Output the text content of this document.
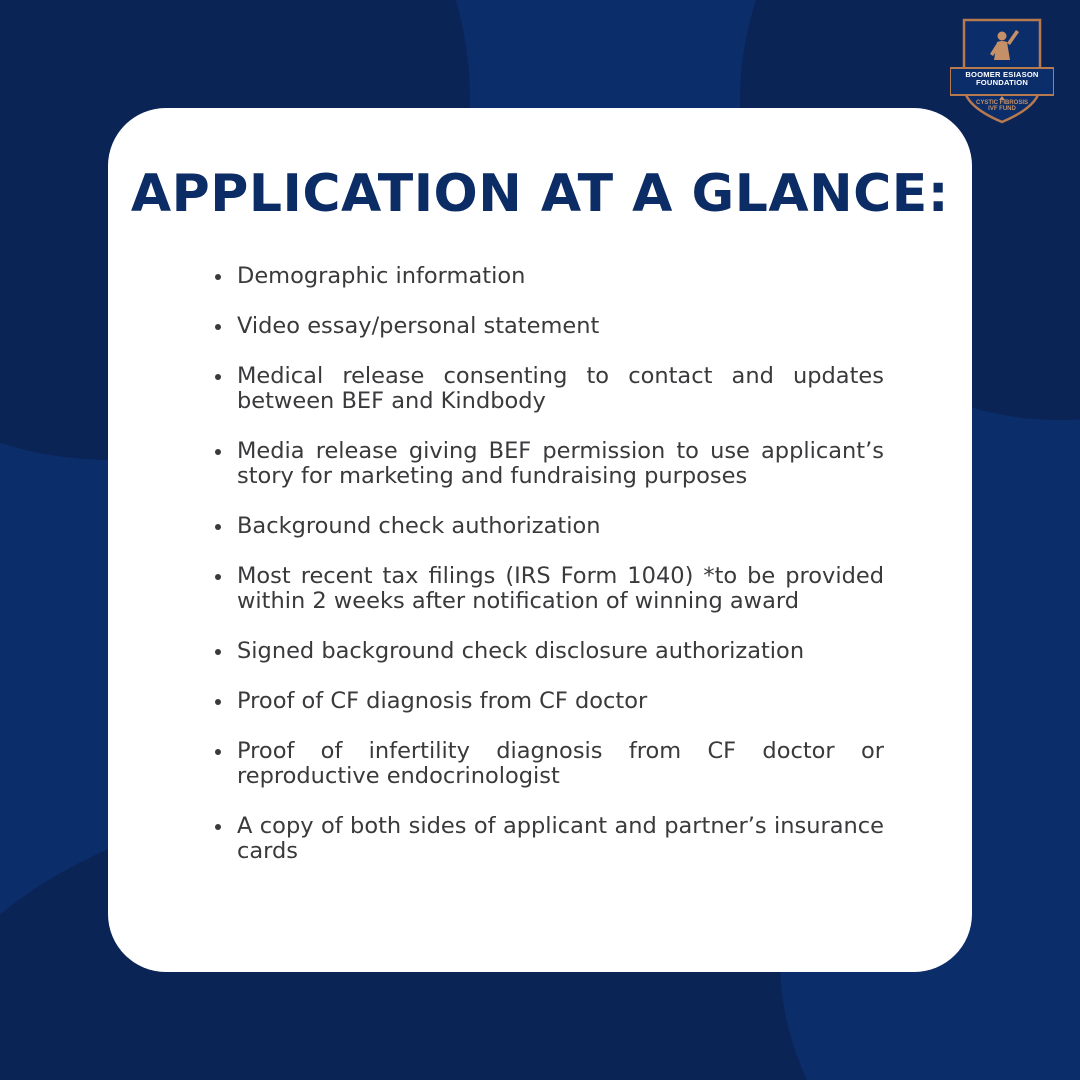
BOOMER ESIASON
FOUNDATION
CYSTIC FIBROSIS
IVF FUND
APPLICATION AT A GLANCE:
Demographic information
Video essay/personal statement
Medical release consenting to contact and updates between BEF and Kindbody
Media release giving BEF permission to use applicant’s story for marketing and fundraising purposes
Background check authorization
Most recent tax filings (IRS Form 1040) *to be provided within 2 weeks after notification of winning award
Signed background check disclosure authorization
Proof of CF diagnosis from CF doctor
Proof of infertility diagnosis from CF doctor or reproductive endocrinologist
A copy of both sides of applicant and partner’s insurance cards
